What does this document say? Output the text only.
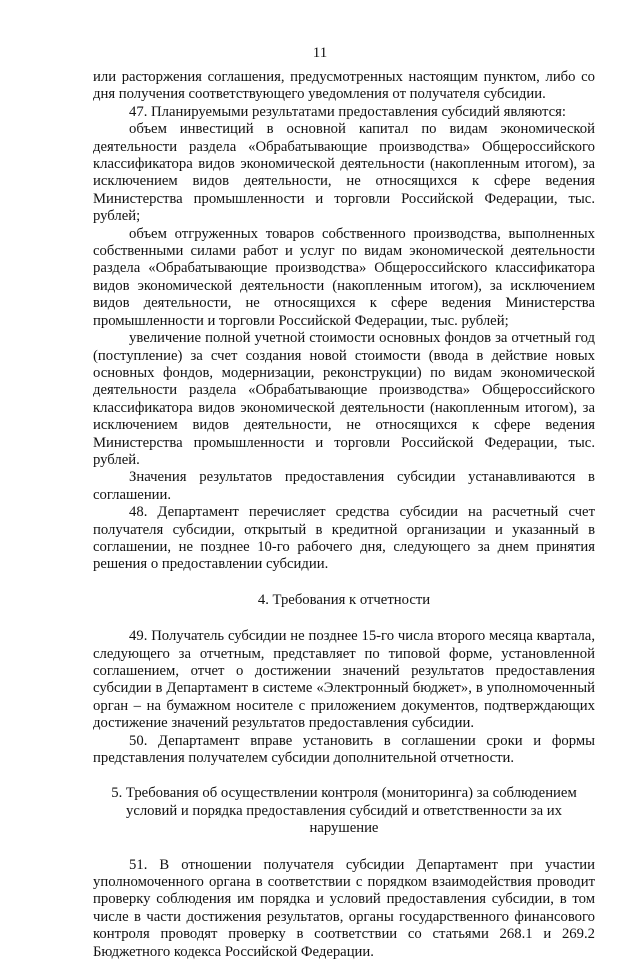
11

или расторжения соглашения, предусмотренных настоящим пунктом, либо со дня получения соответствующего уведомления от получателя субсидии.

47. Планируемыми результатами предоставления субсидий являются:

объем инвестиций в основной капитал по видам экономической деятельности раздела «Обрабатывающие производства» Общероссийского классификатора видов экономической деятельности (накопленным итогом), за исключением видов деятельности, не относящихся к сфере ведения Министерства промышленности и торговли Российской Федерации, тыс. рублей;

объем отгруженных товаров собственного производства, выполненных собственными силами работ и услуг по видам экономической деятельности раздела «Обрабатывающие производства» Общероссийского классификатора видов экономической деятельности (накопленным итогом), за исключением видов деятельности, не относящихся к сфере ведения Министерства промышленности и торговли Российской Федерации, тыс. рублей;

увеличение полной учетной стоимости основных фондов за отчетный год (поступление) за счет создания новой стоимости (ввода в действие новых основных фондов, модернизации, реконструкции) по видам экономической деятельности раздела «Обрабатывающие производства» Общероссийского классификатора видов экономической деятельности (накопленным итогом), за исключением видов деятельности, не относящихся к сфере ведения Министерства промышленности и торговли Российской Федерации, тыс. рублей.

Значения результатов предоставления субсидии устанавливаются в соглашении.

48. Департамент перечисляет средства субсидии на расчетный счет получателя субсидии, открытый в кредитной организации и указанный в соглашении, не позднее 10-го рабочего дня, следующего за днем принятия решения о предоставлении субсидии.

4. Требования к отчетности

49. Получатель субсидии не позднее 15-го числа второго месяца квартала, следующего за отчетным, представляет по типовой форме, установленной соглашением, отчет о достижении значений результатов предоставления субсидии в Департамент в системе «Электронный бюджет», в уполномоченный орган – на бумажном носителе с приложением документов, подтверждающих достижение значений результатов предоставления субсидии.

50. Департамент вправе установить в соглашении сроки и формы представления получателем субсидии дополнительной отчетности.

5. Требования об осуществлении контроля (мониторинга) за соблюдением
условий и порядка предоставления субсидий и ответственности за их нарушение

51. В отношении получателя субсидии Департамент при участии уполномоченного органа в соответствии с порядком взаимодействия проводит проверку соблюдения им порядка и условий предоставления субсидии, в том числе в части достижения результатов, органы государственного финансового контроля проводят проверку в соответствии со статьями 268.1 и 269.2 Бюджетного кодекса Российской Федерации.
